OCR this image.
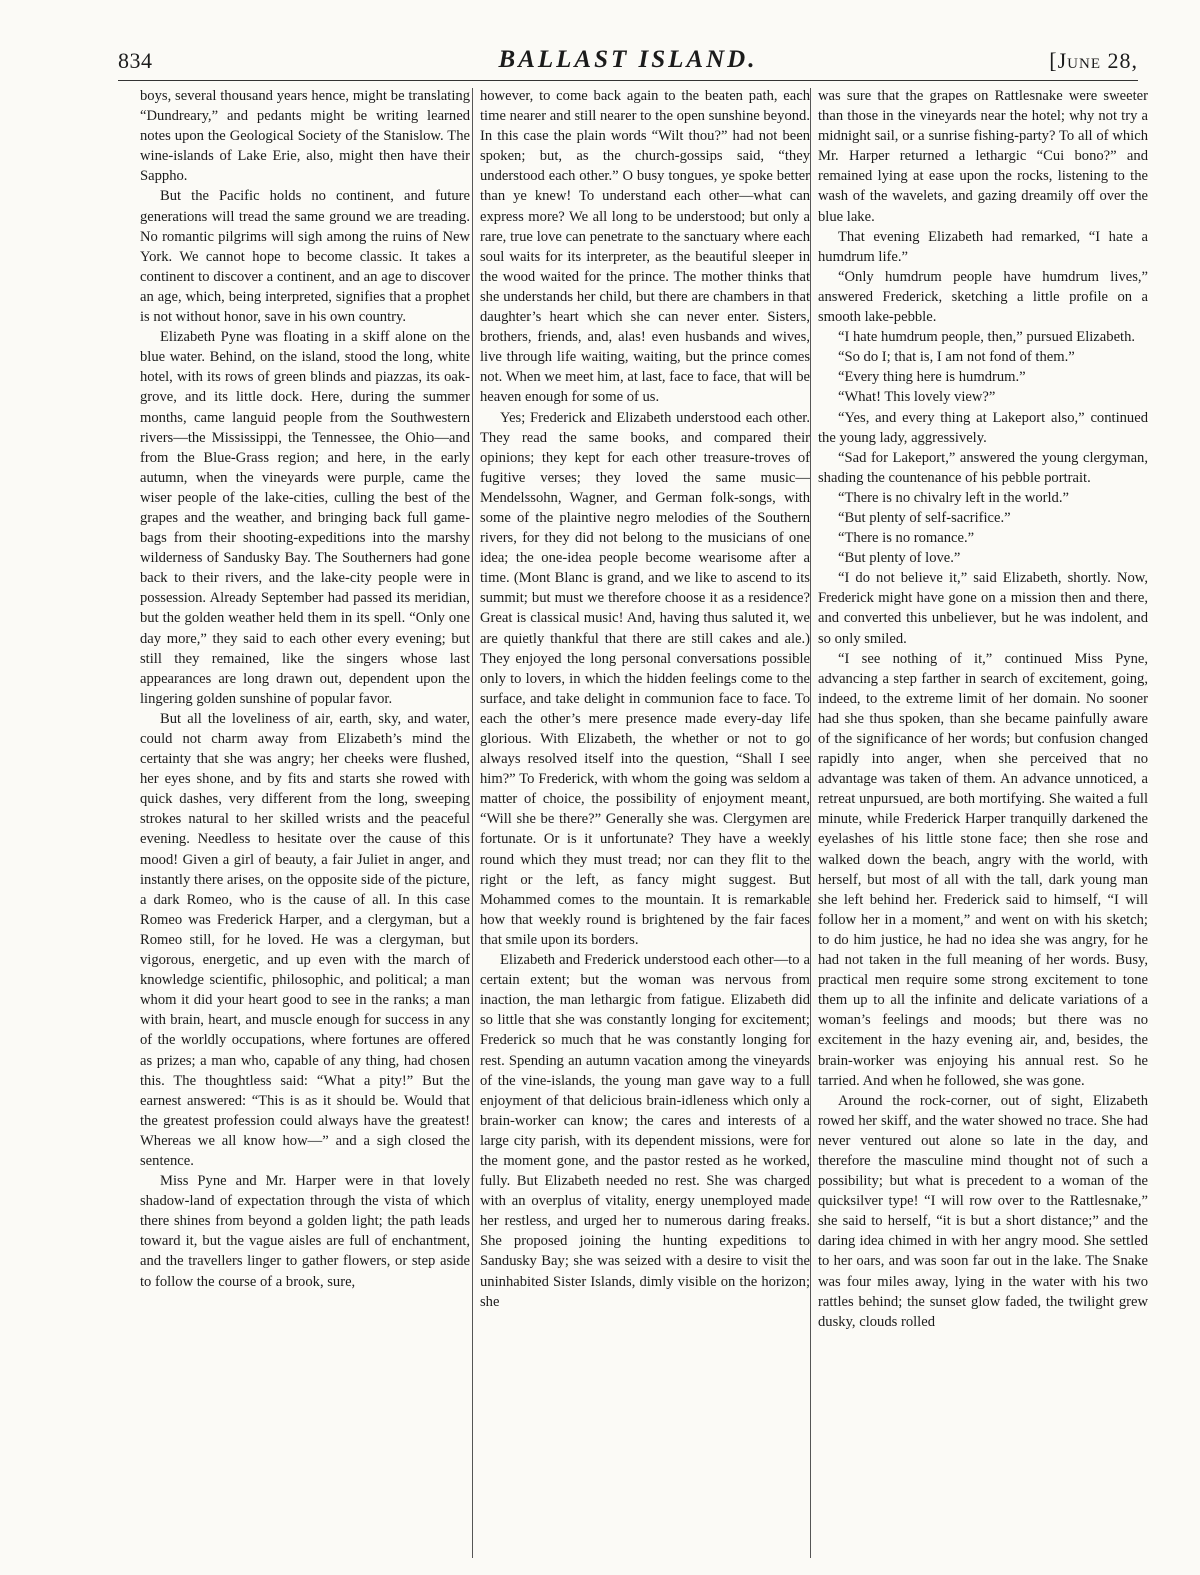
834	BALLAST ISLAND.	[June 28,

boys, several thousand years hence, might be translating “Dundreary,” and pedants might be writing learned notes upon the Geological Society of the Stanislow. The wine-islands of Lake Erie, also, might then have their Sappho.

But the Pacific holds no continent, and future generations will tread the same ground we are treading. No romantic pilgrims will sigh among the ruins of New York. We cannot hope to become classic. It takes a continent to discover a continent, and an age to discover an age, which, being interpreted, signifies that a prophet is not without honor, save in his own country.

Elizabeth Pyne was floating in a skiff alone on the blue water. Behind, on the island, stood the long, white hotel, with its rows of green blinds and piazzas, its oak-grove, and its little dock. Here, during the summer months, came languid people from the Southwestern rivers—the Mississippi, the Tennessee, the Ohio—and from the Blue-Grass region; and here, in the early autumn, when the vineyards were purple, came the wiser people of the lake-cities, culling the best of the grapes and the weather, and bringing back full game-bags from their shooting-expeditions into the marshy wilderness of Sandusky Bay. The Southerners had gone back to their rivers, and the lake-city people were in possession. Already September had passed its meridian, but the golden weather held them in its spell. “Only one day more,” they said to each other every evening; but still they remained, like the singers whose last appearances are long drawn out, dependent upon the lingering golden sunshine of popular favor.

But all the loveliness of air, earth, sky, and water, could not charm away from Elizabeth’s mind the certainty that she was angry; her cheeks were flushed, her eyes shone, and by fits and starts she rowed with quick dashes, very different from the long, sweeping strokes natural to her skilled wrists and the peaceful evening. Needless to hesitate over the cause of this mood! Given a girl of beauty, a fair Juliet in anger, and instantly there arises, on the opposite side of the picture, a dark Romeo, who is the cause of all. In this case Romeo was Frederick Harper, and a clergyman, but a Romeo still, for he loved. He was a clergyman, but vigorous, energetic, and up even with the march of knowledge scientific, philosophic, and political; a man whom it did your heart good to see in the ranks; a man with brain, heart, and muscle enough for success in any of the worldly occupations, where fortunes are offered as prizes; a man who, capable of any thing, had chosen this. The thoughtless said: “What a pity!” But the earnest answered: “This is as it should be. Would that the greatest profession could always have the greatest! Whereas we all know how—” and a sigh closed the sentence.

Miss Pyne and Mr. Harper were in that lovely shadow-land of expectation through the vista of which there shines from beyond a golden light; the path leads toward it, but the vague aisles are full of enchantment, and the travellers linger to gather flowers, or step aside to follow the course of a brook, sure,

however, to come back again to the beaten path, each time nearer and still nearer to the open sunshine beyond. In this case the plain words “Wilt thou?” had not been spoken; but, as the church-gossips said, “they understood each other.” O busy tongues, ye spoke better than ye knew! To understand each other—what can express more? We all long to be understood; but only a rare, true love can penetrate to the sanctuary where each soul waits for its interpreter, as the beautiful sleeper in the wood waited for the prince. The mother thinks that she understands her child, but there are chambers in that daughter’s heart which she can never enter. Sisters, brothers, friends, and, alas! even husbands and wives, live through life waiting, waiting, but the prince comes not. When we meet him, at last, face to face, that will be heaven enough for some of us.

Yes; Frederick and Elizabeth understood each other. They read the same books, and compared their opinions; they kept for each other treasure-troves of fugitive verses; they loved the same music—Mendelssohn, Wagner, and German folk-songs, with some of the plaintive negro melodies of the Southern rivers, for they did not belong to the musicians of one idea; the one-idea people become wearisome after a time. (Mont Blanc is grand, and we like to ascend to its summit; but must we therefore choose it as a residence? Great is classical music! And, having thus saluted it, we are quietly thankful that there are still cakes and ale.) They enjoyed the long personal conversations possible only to lovers, in which the hidden feelings come to the surface, and take delight in communion face to face. To each the other’s mere presence made every-day life glorious. With Elizabeth, the whether or not to go always resolved itself into the question, “Shall I see him?” To Frederick, with whom the going was seldom a matter of choice, the possibility of enjoyment meant, “Will she be there?” Generally she was. Clergymen are fortunate. Or is it unfortunate? They have a weekly round which they must tread; nor can they flit to the right or the left, as fancy might suggest. But Mohammed comes to the mountain. It is remarkable how that weekly round is brightened by the fair faces that smile upon its borders.

Elizabeth and Frederick understood each other—to a certain extent; but the woman was nervous from inaction, the man lethargic from fatigue. Elizabeth did so little that she was constantly longing for excitement; Frederick so much that he was constantly longing for rest. Spending an autumn vacation among the vineyards of the vine-islands, the young man gave way to a full enjoyment of that delicious brain-idleness which only a brain-worker can know; the cares and interests of a large city parish, with its dependent missions, were for the moment gone, and the pastor rested as he worked, fully. But Elizabeth needed no rest. She was charged with an overplus of vitality, energy unemployed made her restless, and urged her to numerous daring freaks. She proposed joining the hunting expeditions to Sandusky Bay; she was seized with a desire to visit the uninhabited Sister Islands, dimly visible on the horizon; she

was sure that the grapes on Rattlesnake were sweeter than those in the vineyards near the hotel; why not try a midnight sail, or a sunrise fishing-party? To all of which Mr. Harper returned a lethargic “Cui bono?” and remained lying at ease upon the rocks, listening to the wash of the wavelets, and gazing dreamily off over the blue lake.

That evening Elizabeth had remarked, “I hate a humdrum life.”

“Only humdrum people have humdrum lives,” answered Frederick, sketching a little profile on a smooth lake-pebble.

“I hate humdrum people, then,” pursued Elizabeth.

“So do I; that is, I am not fond of them.”

“Every thing here is humdrum.”

“What! This lovely view?”

“Yes, and every thing at Lakeport also,” continued the young lady, aggressively.

“Sad for Lakeport,” answered the young clergyman, shading the countenance of his pebble portrait.

“There is no chivalry left in the world.”

“But plenty of self-sacrifice.”

“There is no romance.”

“But plenty of love.”

“I do not believe it,” said Elizabeth, shortly. Now, Frederick might have gone on a mission then and there, and converted this unbeliever, but he was indolent, and so only smiled.

“I see nothing of it,” continued Miss Pyne, advancing a step farther in search of excitement, going, indeed, to the extreme limit of her domain. No sooner had she thus spoken, than she became painfully aware of the significance of her words; but confusion changed rapidly into anger, when she perceived that no advantage was taken of them. An advance unnoticed, a retreat unpursued, are both mortifying. She waited a full minute, while Frederick Harper tranquilly darkened the eyelashes of his little stone face; then she rose and walked down the beach, angry with the world, with herself, but most of all with the tall, dark young man she left behind her. Frederick said to himself, “I will follow her in a moment,” and went on with his sketch; to do him justice, he had no idea she was angry, for he had not taken in the full meaning of her words. Busy, practical men require some strong excitement to tone them up to all the infinite and delicate variations of a woman’s feelings and moods; but there was no excitement in the hazy evening air, and, besides, the brain-worker was enjoying his annual rest. So he tarried. And when he followed, she was gone.

Around the rock-corner, out of sight, Elizabeth rowed her skiff, and the water showed no trace. She had never ventured out alone so late in the day, and therefore the masculine mind thought not of such a possibility; but what is precedent to a woman of the quicksilver type! “I will row over to the Rattlesnake,” she said to herself, “it is but a short distance;” and the daring idea chimed in with her angry mood. She settled to her oars, and was soon far out in the lake. The Snake was four miles away, lying in the water with his two rattles behind; the sunset glow faded, the twilight grew dusky, clouds rolled
